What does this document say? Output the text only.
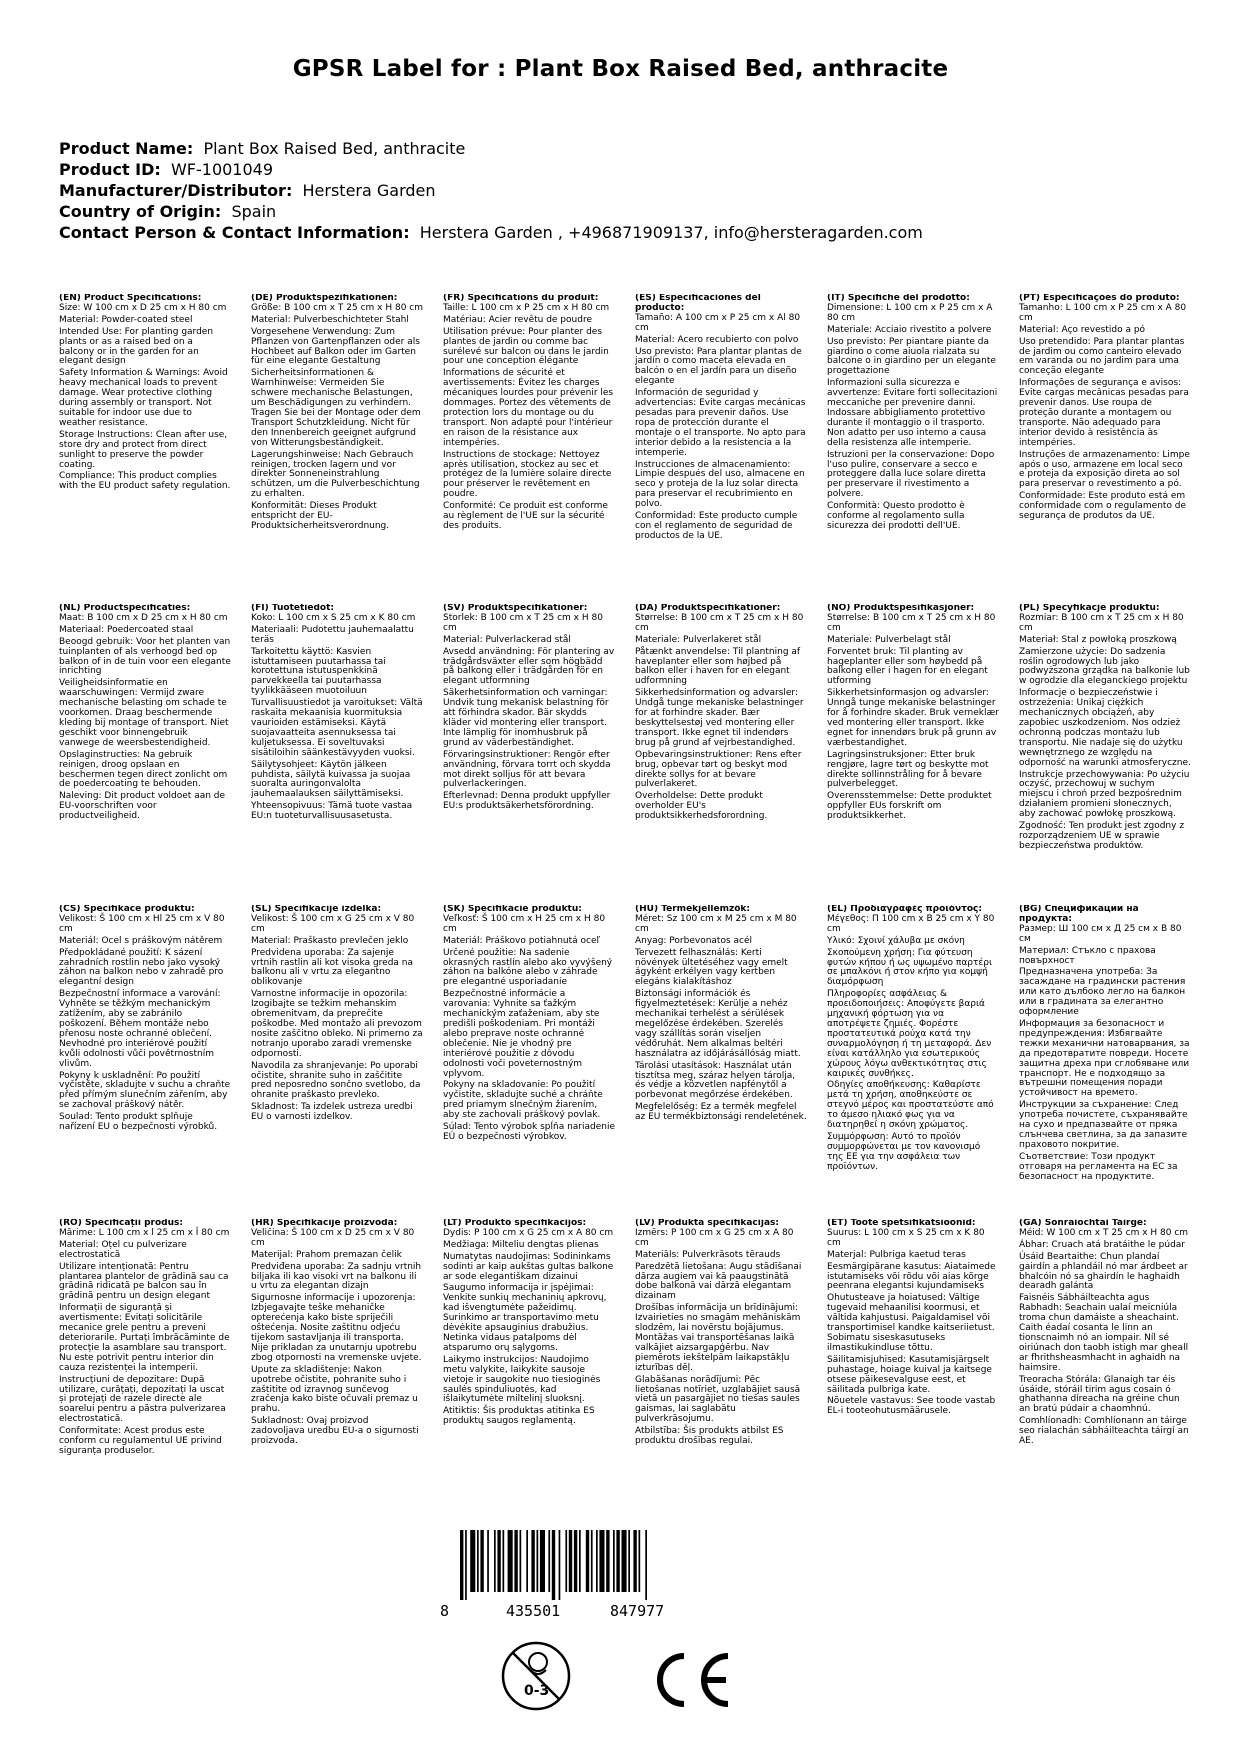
GPSR Label for : Plant Box Raised Bed, anthracite
Product Name: Plant Box Raised Bed, anthracite
Product ID: WF-1001049
Manufacturer/Distributor: Herstera Garden
Country of Origin: Spain
Contact Person & Contact Information: Herstera Garden , +496871909137, info@hersteragarden.com
(EN) Product Specifications:
Size: W 100 cm x D 25 cm x H 80 cm
Material: Powder-coated steel
Intended Use: For planting garden plants or as a raised bed on a balcony or in the garden for an elegant design
Safety Information & Warnings: Avoid heavy mechanical loads to prevent damage. Wear protective clothing during assembly or transport. Not suitable for indoor use due to weather resistance.
Storage Instructions: Clean after use, store dry and protect from direct sunlight to preserve the powder coating.
Compliance: This product complies with the EU product safety regulation.
(DE) Produktspezifikationen:
Größe: B 100 cm x T 25 cm x H 80 cm
Material: Pulverbeschichteter Stahl
Vorgesehene Verwendung: Zum Pflanzen von Gartenpflanzen oder als Hochbeet auf Balkon oder im Garten für eine elegante Gestaltung
Sicherheitsinformationen & Warnhinweise: Vermeiden Sie schwere mechanische Belastungen, um Beschädigungen zu verhindern. Tragen Sie bei der Montage oder dem Transport Schutzkleidung. Nicht für den Innenbereich geeignet aufgrund von Witterungsbeständigkeit.
Lagerungshinweise: Nach Gebrauch reinigen, trocken lagern und vor direkter Sonneneinstrahlung schützen, um die Pulverbeschichtung zu erhalten.
Konformität: Dieses Produkt entspricht der EU-Produktsicherheitsverordnung.
(FR) Spécifications du produit:
Taille: L 100 cm x P 25 cm x H 80 cm
Matériau: Acier revêtu de poudre
Utilisation prévue: Pour planter des plantes de jardin ou comme bac surélevé sur balcon ou dans le jardin pour une conception élégante
Informations de sécurité et avertissements: Évitez les charges mécaniques lourdes pour prévenir les dommages. Portez des vêtements de protection lors du montage ou du transport. Non adapté pour l'intérieur en raison de la résistance aux intempéries.
Instructions de stockage: Nettoyez après utilisation, stockez au sec et protégez de la lumière solaire directe pour préserver le revêtement en poudre.
Conformité: Ce produit est conforme au règlement de l'UE sur la sécurité des produits.
(ES) Especificaciones del producto:
Tamaño: A 100 cm x P 25 cm x Al 80 cm
Material: Acero recubierto con polvo
Uso previsto: Para plantar plantas de jardín o como maceta elevada en balcón o en el jardín para un diseño elegante
Información de seguridad y advertencias: Evite cargas mecánicas pesadas para prevenir daños. Use ropa de protección durante el montaje o el transporte. No apto para interior debido a la resistencia a la intemperie.
Instrucciones de almacenamiento: Limpie después del uso, almacene en seco y proteja de la luz solar directa para preservar el recubrimiento en polvo.
Conformidad: Este producto cumple con el reglamento de seguridad de productos de la UE.
(IT) Specifiche del prodotto:
Dimensione: L 100 cm x P 25 cm x A 80 cm
Materiale: Acciaio rivestito a polvere
Uso previsto: Per piantare piante da giardino o come aiuola rialzata su balcone o in giardino per un elegante progettazione
Informazioni sulla sicurezza e avvertenze: Evitare forti sollecitazioni meccaniche per prevenire danni. Indossare abbigliamento protettivo durante il montaggio o il trasporto. Non adatto per uso interno a causa della resistenza alle intemperie.
Istruzioni per la conservazione: Dopo l'uso pulire, conservare a secco e proteggere dalla luce solare diretta per preservare il rivestimento a polvere.
Conformità: Questo prodotto è conforme al regolamento sulla sicurezza dei prodotti dell'UE.
(PT) Especificações do produto:
Tamanho: L 100 cm x P 25 cm x A 80 cm
Material: Aço revestido a pó
Uso pretendido: Para plantar plantas de jardim ou como canteiro elevado em varanda ou no jardim para uma conceção elegante
Informações de segurança e avisos: Evite cargas mecânicas pesadas para prevenir danos. Use roupa de proteção durante a montagem ou transporte. Não adequado para interior devido à resistência às intempéries.
Instruções de armazenamento: Limpe após o uso, armazene em local seco e proteja da exposição direta ao sol para preservar o revestimento a pó.
Conformidade: Este produto está em conformidade com o regulamento de segurança de produtos da UE.
(NL) Productspecificaties:
Maat: B 100 cm x D 25 cm x H 80 cm
Materiaal: Poedercoated staal
Beoogd gebruik: Voor het planten van tuinplanten of als verhoogd bed op balkon of in de tuin voor een elegante inrichting
Veiligheidsinformatie en waarschuwingen: Vermijd zware mechanische belasting om schade te voorkomen. Draag beschermende kleding bij montage of transport. Niet geschikt voor binnengebruik vanwege de weersbestendigheid.
Opslaginstructies: Na gebruik reinigen, droog opslaan en beschermen tegen direct zonlicht om de poedercoating te behouden.
Naleving: Dit product voldoet aan de EU-voorschriften voor productveiligheid.
(FI) Tuotetiedot:
Koko: L 100 cm x S 25 cm x K 80 cm
Materiaali: Pudotettu jauhemaalattu teräs
Tarkoitettu käyttö: Kasvien istuttamiseen puutarhassa tai korotettuna istutuspenkkinä parvekkeella tai puutarhassa tyylikkääseen muotoiluun
Turvallisuustiedot ja varoitukset: Vältä raskaita mekaanisia kuormituksia vaurioiden estämiseksi. Käytä suojavaatteita asennuksessa tai kuljetuksessa. Ei soveltuvaksi sisätiloihin säänkestävyyden vuoksi.
Säilytysohjeet: Käytön jälkeen puhdista, säilytä kuivassa ja suojaa suoralta auringonvalolta jauhemaalauksen säilyttämiseksi.
Yhteensopivuus: Tämä tuote vastaa EU:n tuoteturvallisuusasetusta.
(SV) Produktspecifikationer:
Storlek: B 100 cm x T 25 cm x H 80 cm
Material: Pulverlackerad stål
Avsedd användning: För plantering av trädgårdsväxter eller som högbädd på balkong eller i trädgården för en elegant utformning
Säkerhetsinformation och varningar: Undvik tung mekanisk belastning för att förhindra skador. Bär skydds kläder vid montering eller transport. Inte lämplig för inomhusbruk på grund av väderbeständighet.
Förvaringsinstruktioner: Rengör efter användning, förvara torrt och skydda mot direkt solljus för att bevara pulverlackeringen.
Efterlevnad: Denna produkt uppfyller EU:s produktsäkerhetsförordning.
(DA) Produktspecifikationer:
Størrelse: B 100 cm x T 25 cm x H 80 cm
Materiale: Pulverlakeret stål
Påtænkt anvendelse: Til plantning af haveplanter eller som højbed på balkon eller i haven for en elegant udformning
Sikkerhedsinformation og advarsler: Undgå tunge mekaniske belastninger for at forhindre skader. Bær beskyttelsestøj ved montering eller transport. Ikke egnet til indendørs brug på grund af vejrbestandighed.
Opbevaringsinstruktioner: Rens efter brug, opbevar tørt og beskyt mod direkte sollys for at bevare pulverlakeret.
Overholdelse: Dette produkt overholder EU's produktsikkerhedsforordning.
(NO) Produktspesifikasjoner:
Størrelse: B 100 cm x T 25 cm x H 80 cm
Materiale: Pulverbelagt stål
Forventet bruk: Til planting av hageplanter eller som høybedd på balkong eller i hagen for en elegant utforming
Sikkerhetsinformasjon og advarsler: Unngå tunge mekaniske belastninger for å forhindre skader. Bruk verneklær ved montering eller transport. Ikke egnet for innendørs bruk på grunn av værbestandighet.
Lagringsinstruksjoner: Etter bruk rengjøre, lagre tørt og beskytte mot direkte sollinnstråling for å bevare pulverbelegget.
Overensstemmelse: Dette produktet oppfyller EUs forskrift om produktsikkerhet.
(PL) Specyfikacje produktu:
Rozmiar: B 100 cm x T 25 cm x H 80 cm
Materiał: Stal z powłoką proszkową
Zamierzone użycie: Do sadzenia roślin ogrodowych lub jako podwyższona grządka na balkonie lub w ogrodzie dla eleganckiego projektu
Informacje o bezpieczeństwie i ostrzeżenia: Unikaj ciężkich mechanicznych obciążeń, aby zapobiec uszkodzeniom. Nos odzież ochronną podczas montażu lub transportu. Nie nadaje się do użytku wewnętrznego ze względu na odporność na warunki atmosferyczne.
Instrukcje przechowywania: Po użyciu oczyść, przechowuj w suchym miejscu i chroń przed bezpośrednim działaniem promieni słonecznych, aby zachować powłokę proszkową.
Zgodność: Ten produkt jest zgodny z rozporządzeniem UE w sprawie bezpieczeństwa produktów.
(CS) Specifikace produktu:
Velikost: Š 100 cm x Hl 25 cm x V 80 cm
Materiál: Ocel s práškovým nátěrem
Předpokládané použití: K sázení zahradních rostlin nebo jako vysoký záhon na balkon nebo v zahradě pro elegantní design
Bezpečnostní informace a varování: Vyhněte se těžkým mechanickým zatížením, aby se zabránilo poškození. Během montáže nebo přenosu noste ochranné oblečení. Nevhodné pro interiérové použití kvůli odolnosti vůči povětrnostním vlivům.
Pokyny k uskladnění: Po použití vyčistěte, skladujte v suchu a chraňte před přímým slunečním zářením, aby se zachoval práškový nátěr.
Soulad: Tento produkt splňuje nařízení EU o bezpečnosti výrobků.
(SL) Specifikacije izdelka:
Velikost: Š 100 cm x G 25 cm x V 80 cm
Material: Praškasto prevlečen jeklo
Predvidena uporaba: Za sajenje vrtnih rastlin ali kot visoka greda na balkonu ali v vrtu za elegantno oblikovanje
Varnostne informacije in opozorila: Izogibajte se težkim mehanskim obremenitvam, da preprečite poškodbe. Med montažo ali prevozom nosite zaščitno obleko. Ni primerno za notranjo uporabo zaradi vremenske odpornosti.
Navodila za shranjevanje: Po uporabi očistite, shranite suho in zaščitite pred neposredno sončno svetlobo, da ohranite praškasto prevleko.
Skladnost: Ta izdelek ustreza uredbi EU o varnosti izdelkov.
(SK) Špecifikácie produktu:
Veľkosť: Š 100 cm x H 25 cm x H 80 cm
Materiál: Práškovo potiahnutá oceľ
Určené použitie: Na sadenie okrasných rastlín alebo ako vyvýšený záhon na balkóne alebo v záhrade pre elegantné usporiadanie
Bezpečnostné informácie a varovania: Vyhnite sa ťažkým mechanickým zaťaženiam, aby ste predišli poškodeniam. Pri montáži alebo preprave noste ochranné oblečenie. Nie je vhodný pre interiérové použitie z dôvodu odolnosti voči poveternostným vplyvom.
Pokyny na skladovanie: Po použití vyčistite, skladujte suché a chráňte pred priamym slnečným žiarením, aby ste zachovali práškový povlak.
Súlad: Tento výrobok spĺňa nariadenie EÚ o bezpečnosti výrobkov.
(HU) Termékjellemzők:
Méret: Sz 100 cm x M 25 cm x M 80 cm
Anyag: Porbevonatos acél
Tervezett felhasználás: Kerti növények ültetéséhez vagy emelt ágyként erkélyen vagy kertben elegáns kialakításhoz
Biztonsági információk és figyelmeztetések: Kerülje a nehéz mechanikai terhelést a sérülések megelőzése érdekében. Szerelés vagy szállítás során viseljen védőruhát. Nem alkalmas beltéri használatra az időjárásállóság miatt.
Tárolási utasítások: Használat után tisztítsa meg, száraz helyen tárolja, és védje a közvetlen napfénytől a porbevonat megőrzése érdekében.
Megfelelőség: Ez a termék megfelel az EU termékbiztonsági rendeletének.
(EL) Προδιαγραφές προϊόντος:
Μέγεθος: Π 100 cm x Β 25 cm x Υ 80 cm
Υλικό: Σχοινί χάλυβα με σκόνη
Σκοπούμενη χρήση: Για φύτευση φυτών κήπου ή ως υψωμένο παρτέρι σε μπαλκόνι ή στον κήπο για κομψή διαμόρφωση
Πληροφορίες ασφάλειας & προειδοποιήσεις: Αποφύγετε βαριά μηχανική φόρτωση για να αποτρέψετε ζημιές. Φορέστε προστατευτικά ρούχα κατά την συναρμολόγηση ή τη μεταφορά. Δεν είναι κατάλληλο για εσωτερικούς χώρους λόγω ανθεκτικότητας στις καιρικές συνθήκες.
Οδηγίες αποθήκευσης: Καθαρίστε μετά τη χρήση, αποθηκεύστε σε στεγνό μέρος και προστατεύστε από το άμεσο ηλιακό φως για να διατηρηθεί η σκόνη χρώματος.
Συμμόρφωση: Αυτό το προϊόν συμμορφώνεται με τον κανονισμό της ΕΕ για την ασφάλεια των προϊόντων.
(BG) Спецификации на продукта:
Размер: Ш 100 см x Д 25 см x В 80 см
Материал: Стъкло с прахова повърхност
Предназначена употреба: За засаждане на градински растения или като дълбоко легло на балкон или в градината за елегантно оформление
Информация за безопасност и предупреждения: Избягвайте тежки механични натоварвания, за да предотвратите повреди. Носете защитна дреха при сглобяване или транспорт. Не е подходящо за вътрешни помещения поради устойчивост на времето.
Инструкции за съхранение: След употреба почистете, съхранявайте на сухо и предпазвайте от пряка слънчева светлина, за да запазите праховото покритие.
Съответствие: Този продукт отговаря на регламента на ЕС за безопасност на продуктите.
(RO) Specificații produs:
Mărime: L 100 cm x l 25 cm x Î 80 cm
Material: Oțel cu pulverizare electrostatică
Utilizare intenționată: Pentru plantarea plantelor de grădină sau ca grădină ridicată pe balcon sau în grădină pentru un design elegant
Informații de siguranță și avertismente: Evitați solicitările mecanice grele pentru a preveni deteriorarile. Purtați îmbrăcăminte de protecție la asamblare sau transport. Nu este potrivit pentru interior din cauza rezistenței la intemperii.
Instrucțiuni de depozitare: După utilizare, curățați, depozitați la uscat și protejați de razele directe ale soarelui pentru a păstra pulverizarea electrostatică.
Conformitate: Acest produs este conform cu regulamentul UE privind siguranța produselor.
(HR) Specifikacije proizvoda:
Veličina: Š 100 cm x D 25 cm x V 80 cm
Materijal: Prahom premazan čelik
Predviđena uporaba: Za sadnju vrtnih biljaka ili kao visoki vrt na balkonu ili u vrtu za elegantan dizajn
Sigurnosne informacije i upozorenja: Izbjegavajte teške mehaničke opterećenja kako biste spriječili oštećenja. Nosite zaštitnu odjeću tijekom sastavljanja ili transporta. Nije prikladan za unutarnju upotrebu zbog otpornosti na vremenske uvjete.
Upute za skladištenje: Nakon upotrebe očistite, pohranite suho i zaštitite od izravnog sunčevog zračenja kako biste očuvali premaz u prahu.
Sukladnost: Ovaj proizvod zadovoljava uredbu EU-a o sigurnosti proizvoda.
(LT) Produkto specifikacijos:
Dydis: P 100 cm x G 25 cm x A 80 cm
Medžiaga: Milteliu dengtas plienas
Numatytas naudojimas: Sodininkams sodinti ar kaip aukštas gultas balkone ar sode elegantiškam dizainui
Saugumo informacija ir įspėjimai: Venkite sunkių mechaninių apkrovų, kad išvengtumėte pažeidimų. Surinkimo ar transportavimo metu dėvėkite apsauginius drabužius. Netinka vidaus patalpoms dėl atsparumo orų sąlygoms.
Laikymo instrukcijos: Naudojimo metu valykite, laikykite sausoje vietoje ir saugokite nuo tiesioginės saulės spinduliuotės, kad išlaikytumėte miltelinį sluoksnį.
Atitiktis: Šis produktas atitinka ES produktų saugos reglamentą.
(LV) Produkta specifikācijas:
Izmērs: P 100 cm x G 25 cm x A 80 cm
Materiāls: Pulverkrāsots tērauds
Paredzētā lietošana: Augu stādīšanai dārza augiem vai kā paaugstinātā dobe balkonā vai dārzā elegantam dizainam
Drošības informācija un brīdinājumi: Izvairieties no smagām mehāniskām slodzēm, lai novērstu bojājumus. Montāžas vai transportēšanas laikā valkājiet aizsargapģērbu. Nav piemērots iekštelpām laikapstākļu izturības dēļ.
Glabāšanas norādījumi: Pēc lietošanas notīriet, uzglabājiet sausā vietā un pasargājiet no tiešas saules gaismas, lai saglabātu pulverkrāsojumu.
Atbilstība: Šis produkts atbilst ES produktu drošības regulai.
(ET) Toote spetsifikatsioonid:
Suurus: L 100 cm x S 25 cm x K 80 cm
Materjal: Pulbriga kaetud teras
Eesmärgipärane kasutus: Aiataimede istutamiseks või rõdu või aias kõrge peenrana elegantsi kujundamiseks
Ohutusteave ja hoiatused: Vältige tugevaid mehaanilisi koormusi, et vältida kahjustusi. Paigaldamisel või transportimisel kandke kaitseriietust. Sobimatu siseskasutuseks ilmastikukindluse tõttu.
Säilitamisjuhised: Kasutamisjärgselt puhastage, hoiage kuival ja kaitsege otsese päikesevalguse eest, et säilitada pulbriga kate.
Nõuetele vastavus: See toode vastab EL-i tooteohutusmäärusele.
(GA) Sonraíochtaí Táirge:
Méid: W 100 cm x T 25 cm x H 80 cm
Ábhar: Cruach atá bratáithe le púdar
Úsáid Beartaithe: Chun plandaí gairdín a phlandáil nó mar árdbeet ar bhalcóin nó sa ghairdín le haghaidh dearadh galánta
Faisnéis Sábháilteachta agus Rabhadh: Seachain ualaí meicniúla troma chun damáiste a sheachaint. Caith éadaí cosanta le linn an tionscnaimh nó an iompair. Níl sé oiriúnach don taobh istigh mar gheall ar fhrithsheasmhacht in aghaidh na haimsire.
Treoracha Stórála: Glanaigh tar éis úsáide, stóráil tirim agus cosain ó ghathanna díreacha na gréine chun an bratú púdair a chaomhnú.
Comhlíonadh: Comhlíonann an táirge seo rialachán sábháilteachta táirgí an AE.
8	435501	847977
0-3
